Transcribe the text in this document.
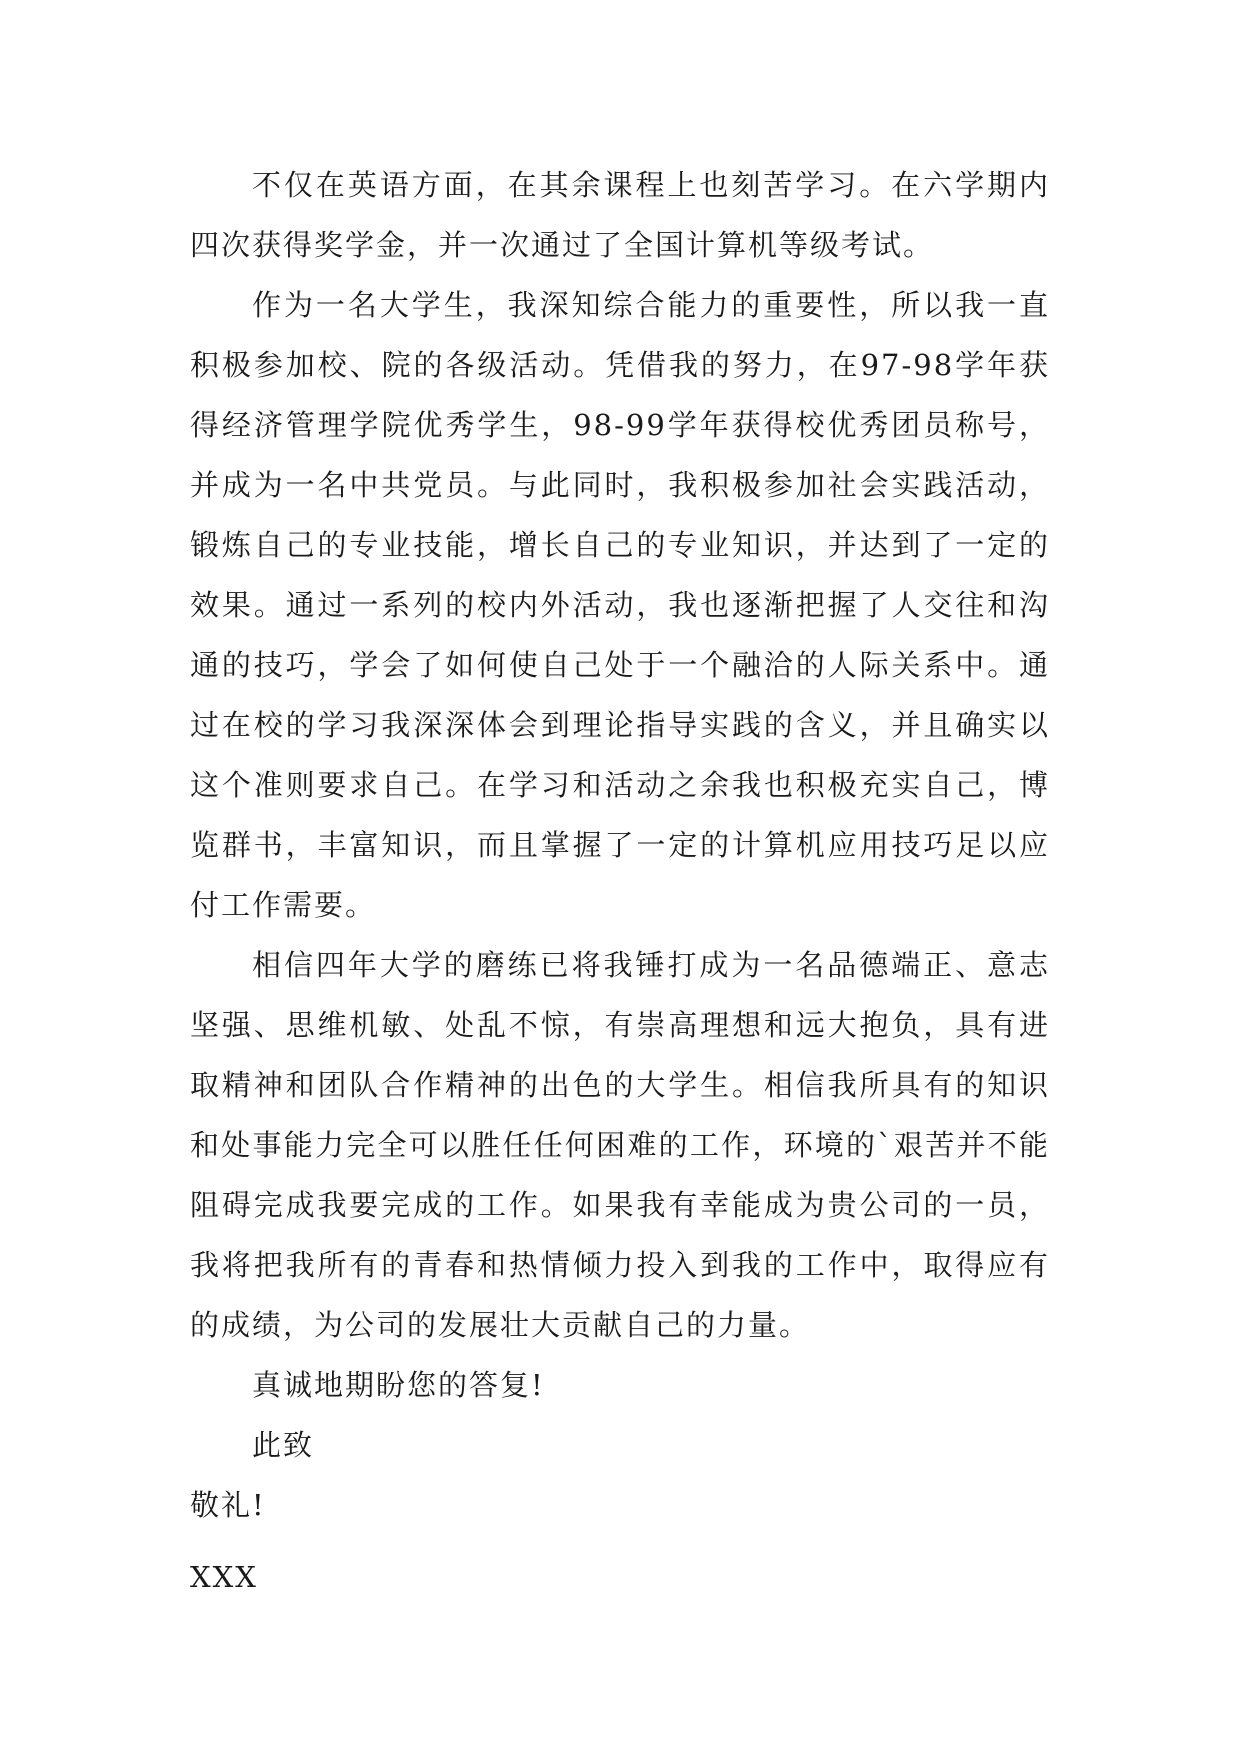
不仅在英语方面，在其余课程上也刻苦学习。在六学期内四次获得奖学金，并一次通过了全国计算机等级考试。

作为一名大学生，我深知综合能力的重要性，所以我一直积极参加校、院的各级活动。凭借我的努力，在97-98学年获得经济管理学院优秀学生，98-99学年获得校优秀团员称号，并成为一名中共党员。与此同时，我积极参加社会实践活动，锻炼自己的专业技能，增长自己的专业知识，并达到了一定的效果。通过一系列的校内外活动，我也逐渐把握了人交往和沟通的技巧，学会了如何使自己处于一个融洽的人际关系中。通过在校的学习我深深体会到理论指导实践的含义，并且确实以这个准则要求自己。在学习和活动之余我也积极充实自己，博览群书，丰富知识，而且掌握了一定的计算机应用技巧足以应付工作需要。

相信四年大学的磨练已将我锤打成为一名品德端正、意志坚强、思维机敏、处乱不惊，有崇高理想和远大抱负，具有进取精神和团队合作精神的出色的大学生。相信我所具有的知识和处事能力完全可以胜任任何困难的工作，环境的`艰苦并不能阻碍完成我要完成的工作。如果我有幸能成为贵公司的一员，我将把我所有的青春和热情倾力投入到我的工作中，取得应有的成绩，为公司的发展壮大贡献自己的力量。

真诚地期盼您的答复!

此致

敬礼!

XXX
